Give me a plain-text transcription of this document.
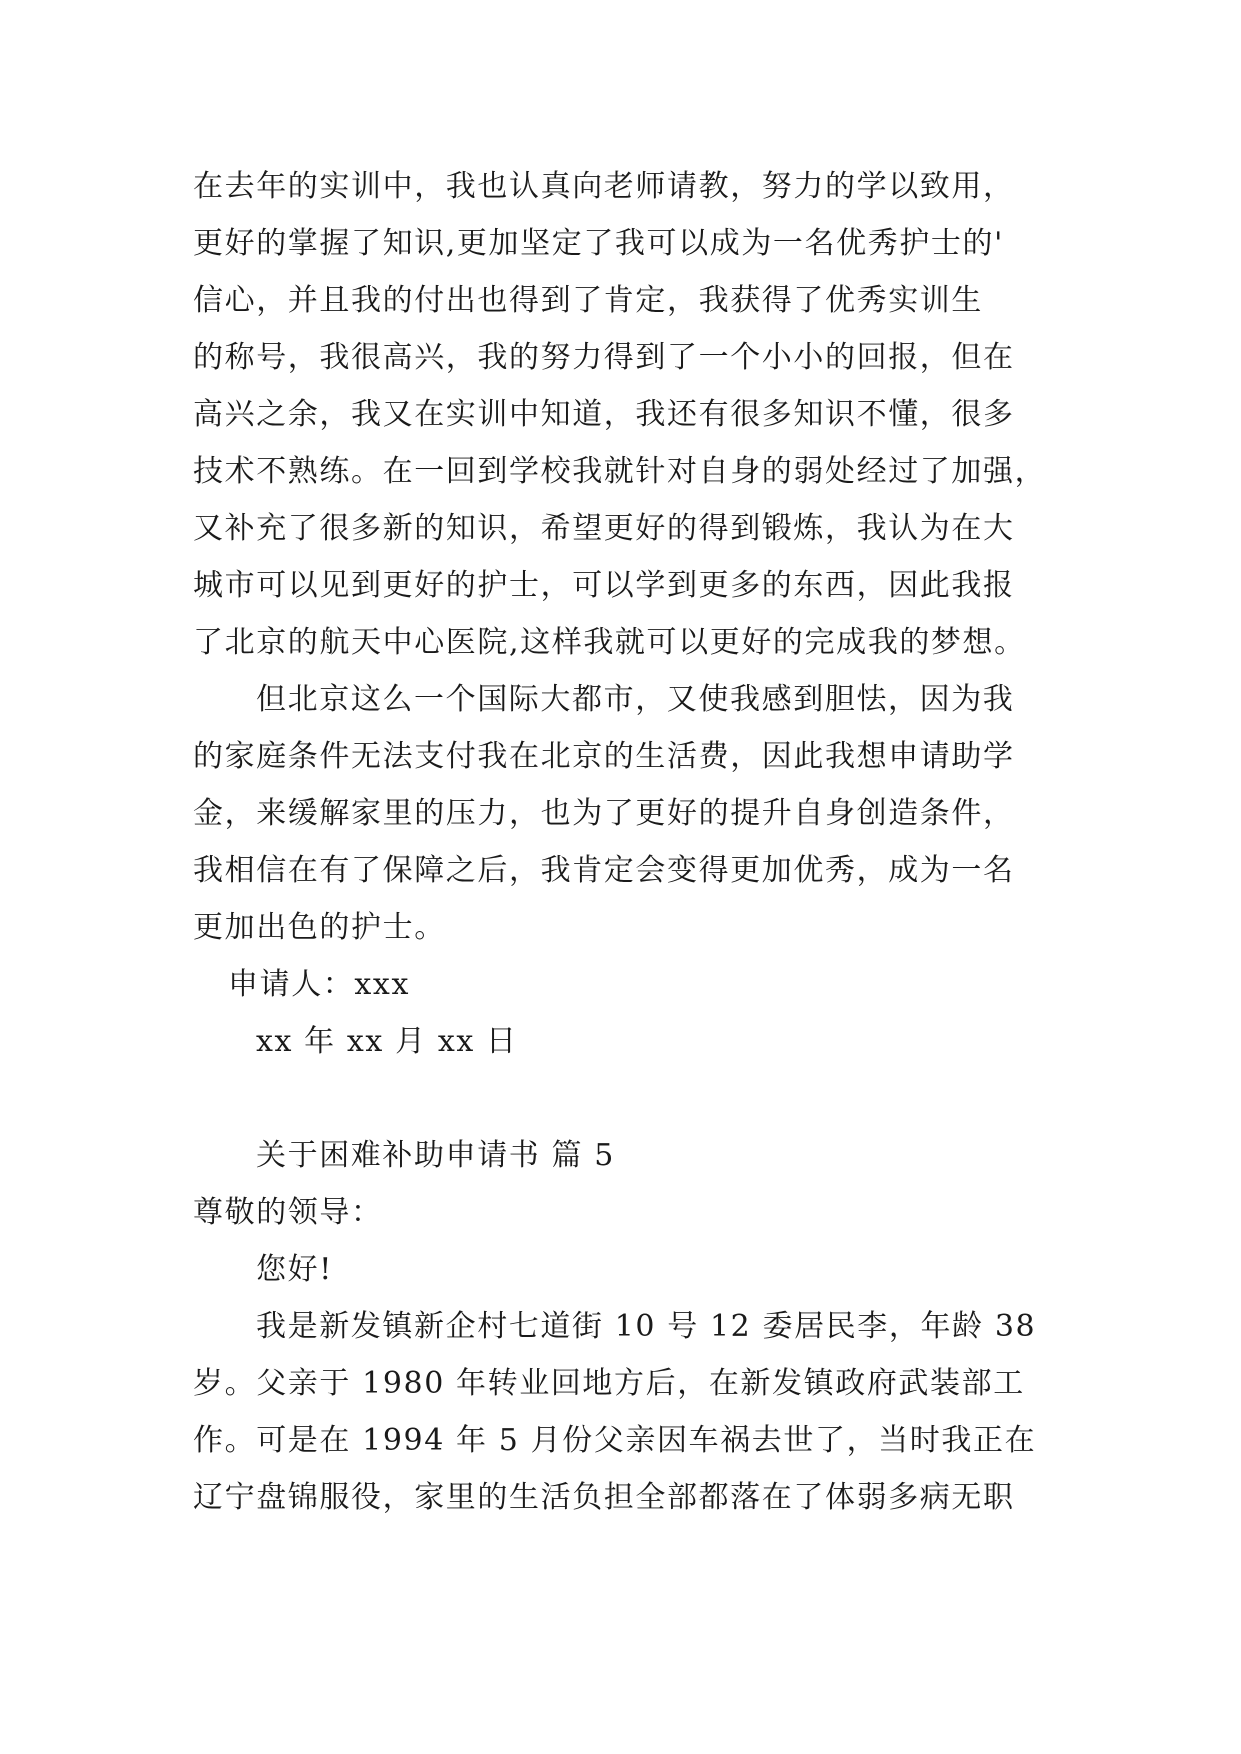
在去年的实训中，我也认真向老师请教，努力的学以致用，
更好的掌握了知识,更加坚定了我可以成为一名优秀护士的'
信心，并且我的付出也得到了肯定，我获得了优秀实训生
的称号，我很高兴，我的努力得到了一个小小的回报，但在
高兴之余，我又在实训中知道，我还有很多知识不懂，很多
技术不熟练。在一回到学校我就针对自身的弱处经过了加强，
又补充了很多新的知识，希望更好的得到锻炼，我认为在大
城市可以见到更好的护士，可以学到更多的东西，因此我报
了北京的航天中心医院,这样我就可以更好的完成我的梦想。
但北京这么一个国际大都市，又使我感到胆怯，因为我
的家庭条件无法支付我在北京的生活费，因此我想申请助学
金，来缓解家里的压力，也为了更好的提升自身创造条件，
我相信在有了保障之后，我肯定会变得更加优秀，成为一名
更加出色的护士。
申请人：xxx
xx 年 xx 月 xx 日
关于困难补助申请书 篇 5
尊敬的领导：
您好!
我是新发镇新企村七道街 10 号 12 委居民李，年龄 38
岁。父亲于 1980 年转业回地方后，在新发镇政府武装部工
作。可是在 1994 年 5 月份父亲因车祸去世了，当时我正在
辽宁盘锦服役，家里的生活负担全部都落在了体弱多病无职
